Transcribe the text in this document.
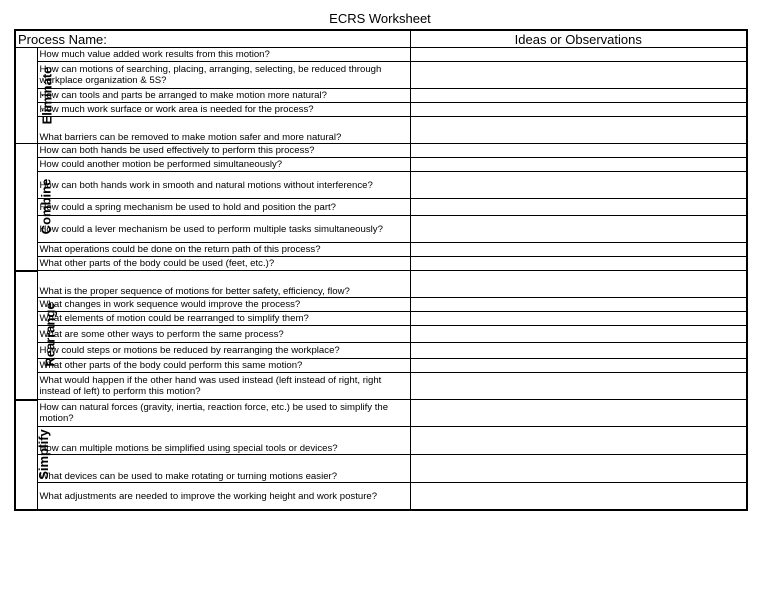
ECRS Worksheet
Process Name:		Ideas or Observations
Eliminate	How much value added work results from this motion?	
	How can motions of searching, placing, arranging, selecting, be reduced through workplace organization & 5S?	
	How can tools and parts be arranged to make motion more natural?	
	How much work surface or work area is needed for the process?	
	What barriers can be removed to make motion safer and more natural?	
Combine	How can both hands be used effectively to perform this process?	
	How could another motion be performed simultaneously?	
	How can both hands work in smooth and natural motions without interference?	
	How could a spring mechanism be used to hold and position the part?	
	How could a lever mechanism be used to perform multiple tasks simultaneously?	
	What operations could be done on the return path of this process?	
	What other parts of the body could be used (feet, etc.)?	
Rearrange	What is the proper sequence of motions for better safety, efficiency, flow?	
	What changes in work sequence would improve the process?	
	What elements of motion could be rearranged to simplify them?	
	What are some other ways to perform the same process?	
	How could steps or motions be reduced by rearranging the workplace?	
	What other parts of the body could perform this same motion?	
	What would happen if the other hand was used instead (left instead of right, right instead of left) to perform this motion?	
Simplify	How can natural forces (gravity, inertia, reaction force, etc.) be used to simplify the motion?	
	How can multiple motions be simplified using special tools or devices?	
	What devices can be used to make rotating or turning motions easier?	
	What adjustments are needed to improve the working height and work posture?	
